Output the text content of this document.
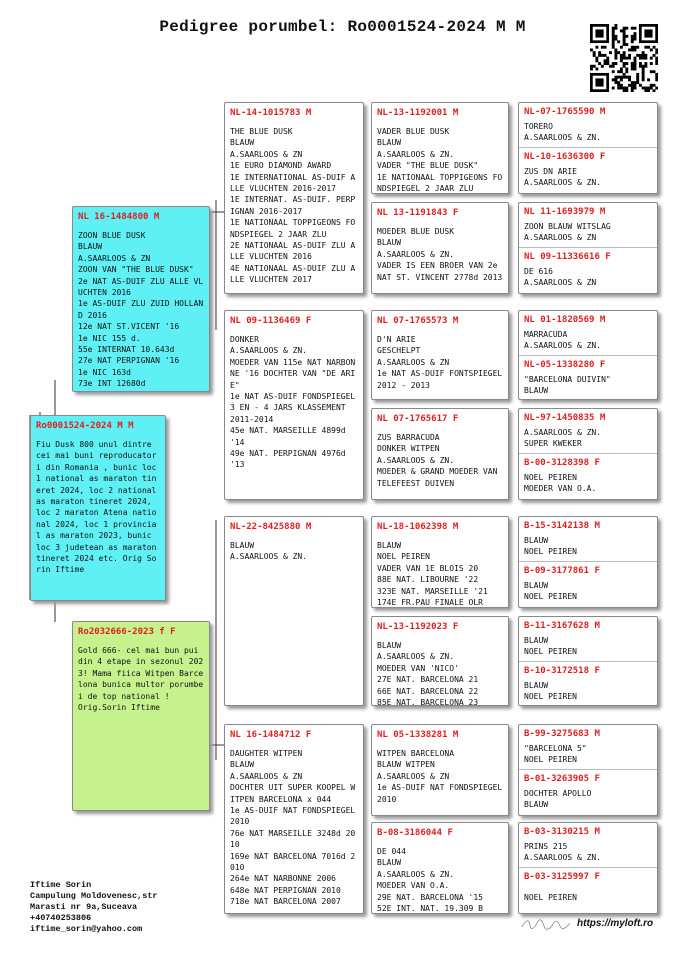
Pedigree porumbel: Ro0001524-2024 M M
Ro0001524-2024 M M
Fiu Dusk 800 unul dintre cei mai buni reproducatori din Romania , bunic loc 1 national as maraton tineret 2024, loc 2 national as maraton tineret 2024, loc 2 maraton Atena national 2024, loc 1 provincial as maraton 2023, bunic loc 3 judetean as maraton tineret 2024 etc. Orig Sorin Iftime
NL 16-1484800 M
ZOON BLUE DUSK
BLAUW
A.SAARLOOS & ZN
ZOON VAN "THE BLUE DUSK"
2e NAT AS-DUIF ZLU ALLE VLUCHTEN 2016
1e AS-DUIF ZLU ZUID HOLLAND 2016
12e NAT ST.VICENT '16
1e NIC 155 d.
55e INTERNAT 10.643d
27e NAT PERPIGNAN '16
1e NIC 163d
73e INT 12680d
Ro2032666-2023 f F
Gold 666- cel mai bun pui din 4 etape in sezonul 2023! Mama fiica Witpen Barcelona bunica multor porumbei de top national !
Orig.Sorin Iftime
NL-14-1015783 M
THE BLUE DUSK
BLAUW
A.SAARLOOS & ZN
1E EURO DIAMOND AWARD
1E INTERNATIONAL AS-DUIF ALLE VLUCHTEN 2016-2017
1E INTERNAT. AS-DUIF. PERPIGNAN 2016-2017
1E NATIONAAL TOPPIGEONS FONDSPIEGEL 2 JAAR ZLU
2E NATIONAAL AS-DUIF ZLU ALLE VLUCHTEN 2016
4E NATIONAAL AS-DUIF ZLU ALLE VLUCHTEN 2017
NL 09-1136469 F
DONKER
A.SAARLOOS & ZN.
MOEDER VAN 115e NAT NARBONNE '16 DOCHTER VAN "DE ARIE"
1e NAT AS-DUIF FONDSPIEGEL
3 EN - 4 JARS KLASSEMENT
2011-2014
45e NAT. MARSEILLE 4899d '14
49e NAT. PERPIGNAN 4976d '13
NL-22-8425880 M
BLAUW
A.SAARLOOS & ZN.
NL 16-1484712 F
DAUGHTER WITPEN
BLAUW
A.SAARLOOS & ZN
DOCHTER UIT SUPER KOOPEL WITPEN BARCELONA x 044
1e AS-DUIF NAT FONDSPIEGEL 2010
76e NAT MARSEILLE 3248d 2010
169e NAT BARCELONA 7016d 2010
264e NAT NARBONNE 2006
648e NAT PERPIGNAN 2010
718e NAT BARCELONA 2007
NL-13-1192001 M
VADER BLUE DUSK
BLAUW
A.SAARLOOS & ZN.
VADER "THE BLUE DUSK"
1E NATIONAAL TOPPIGEONS FONDSPIEGEL 2 JAAR ZLU
NL 13-1191843 F
MOEDER BLUE DUSK
BLAUW
A.SAARLOOS & ZN.
VADER IS EEN BROER VAN 2e NAT ST. VINCENT 2778d 2013
NL 07-1765573 M
D'N ARIE
GESCHELPT
A.SAARLOOS & ZN
1e NAT AS-DUIF FONTSPIEGEL
2012 - 2013
NL 07-1765617 F
ZUS BARRACUDA
DONKER WITPEN
A.SAARLOOS & ZN.
MOEDER & GRAND MOEDER VAN
TELEFEEST DUIVEN
NL-18-1062398 M
BLAUW
NOEL PEIREN
VADER VAN 1E BLOIS 20
88E NAT. LIBOURNE '22
323E NAT. MARSEILLE '21
174E FR.PAU FINALE OLR
NL-13-1192023 F
BLAUW
A.SAARLOOS & ZN.
MOEDER VAN 'NICO'
27E NAT. BARCELONA 21
66E NAT. BARCELONA 22
85E NAT. BARCELONA 23
NL 05-1338281 M
WITPEN BARCELONA
BLAUW WITPEN
A.SAARLOOS & ZN
1e AS-DUIF NAT FONDSPIEGEL
2010
B-08-3186044 F
DE 044
BLAUW
A.SAARLOOS & ZN.
MOEDER VAN O.A.
29E NAT. BARCELONA '15
52E INT. NAT. 19.309 B
NL-07-1765590 M
TORERO
A.SAARLOOS & ZN.
NL-10-1636300 F
ZUS DN ARIE
A.SAARLOOS & ZN.
NL 11-1693979 M
ZOON BLAUW WITSLAG
A.SAARLOOS & ZN
NL 09-11336616 F
DE 616
A.SAARLOOS & ZN
NL 01-1820569 M
MARRACUDA
A.SAARLOOS & ZN.
NL-05-1338280 F
"BARCELONA DUIVIN"
BLAUW
NL-97-1450835 M
A.SAARLOOS & ZN.
SUPER KWEKER
B-00-3128398 F
NOEL PEIREN
MOEDER VAN O.A.
B-15-3142138 M
BLAUW
NOEL PEIREN
B-09-3177861 F
BLAUW
NOEL PEIREN
B-11-3167628 M
BLAUW
NOEL PEIREN
B-10-3172518 F
BLAUW
NOEL PEIREN
B-99-3275683 M
"BARCELONA 5"
NOEL PEIREN
B-01-3263905 F
DOCHTER APOLLO
BLAUW
B-03-3130215 M
PRINS 215
A.SAARLOOS & ZN.
B-03-3125997 F
NOEL PEIREN
Iftime Sorin
Campulung Moldovenesc,str
Marasti nr 9a,Suceava
+40740253806
iftime_sorin@yahoo.com	https://myloft.ro
